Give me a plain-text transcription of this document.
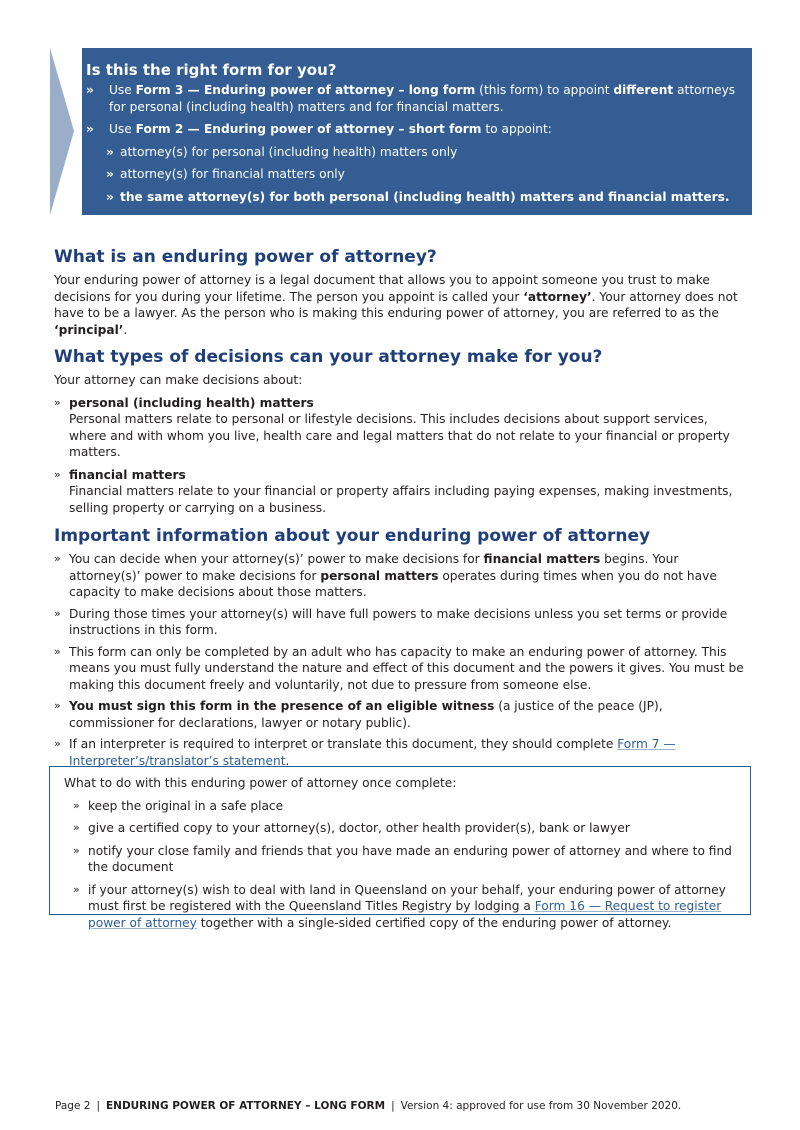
Is this the right form for you?
» Use Form 3 — Enduring power of attorney – long form (this form) to appoint different attorneys for personal (including health) matters and for financial matters.
» Use Form 2 — Enduring power of attorney – short form to appoint:
» attorney(s) for personal (including health) matters only
» attorney(s) for financial matters only
» the same attorney(s) for both personal (including health) matters and financial matters.
What is an enduring power of attorney?

Your enduring power of attorney is a legal document that allows you to appoint someone you trust to make decisions for you during your lifetime. The person you appoint is called your ‘attorney’. Your attorney does not have to be a lawyer. As the person who is making this enduring power of attorney, you are referred to as the ‘principal’.

What types of decisions can your attorney make for you?

Your attorney can make decisions about:

» personal (including health) matters
Personal matters relate to personal or lifestyle decisions. This includes decisions about support services, where and with whom you live, health care and legal matters that do not relate to your financial or property matters.
» financial matters
Financial matters relate to your financial or property affairs including paying expenses, making investments, selling property or carrying on a business.
Important information about your enduring power of attorney
» You can decide when your attorney(s)’ power to make decisions for financial matters begins. Your attorney(s)’ power to make decisions for personal matters operates during times when you do not have capacity to make decisions about those matters.
» During those times your attorney(s) will have full powers to make decisions unless you set terms or provide instructions in this form.
» This form can only be completed by an adult who has capacity to make an enduring power of attorney. This means you must fully understand the nature and effect of this document and the powers it gives. You must be making this document freely and voluntarily, not due to pressure from someone else.
» You must sign this form in the presence of an eligible witness (a justice of the peace (JP), commissioner for declarations, lawyer or notary public).
» If an interpreter is required to interpret or translate this document, they should complete Form 7 — Interpreter’s/translator’s statement.
What to do with this enduring power of attorney once complete:
» keep the original in a safe place
» give a certified copy to your attorney(s), doctor, other health provider(s), bank or lawyer
» notify your close family and friends that you have made an enduring power of attorney and where to find the document
» if your attorney(s) wish to deal with land in Queensland on your behalf, your enduring power of attorney must first be registered with the Queensland Titles Registry by lodging a Form 16 — Request to register power of attorney together with a single-sided certified copy of the enduring power of attorney.
Page 2 | ENDURING POWER OF ATTORNEY – LONG FORM | Version 4: approved for use from 30 November 2020.
